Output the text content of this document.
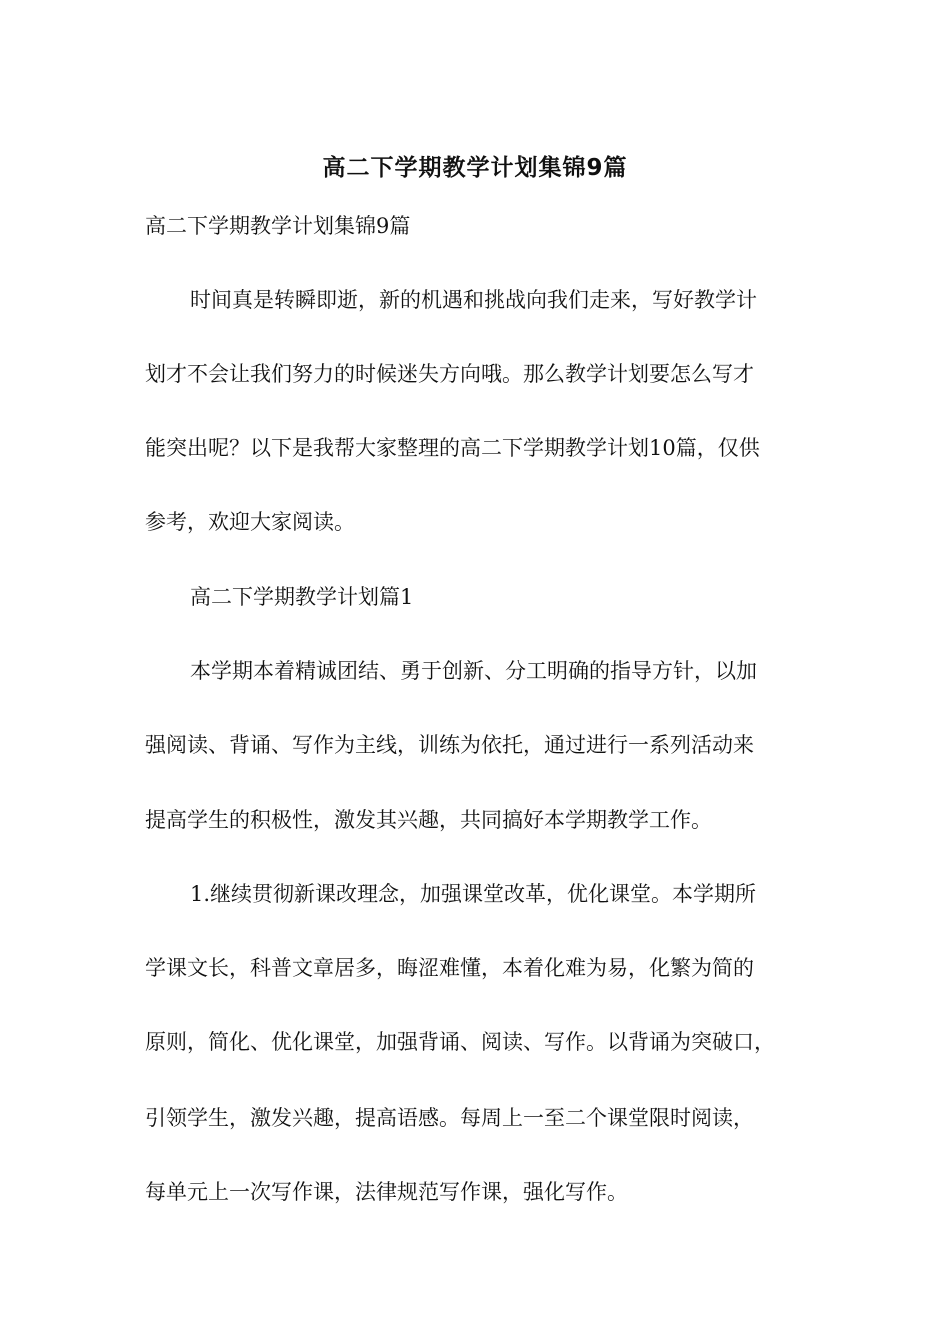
高二下学期教学计划集锦9篇
高二下学期教学计划集锦9篇
时间真是转瞬即逝，新的机遇和挑战向我们走来，写好教学计
划才不会让我们努力的时候迷失方向哦。那么教学计划要怎么写才
能突出呢？以下是我帮大家整理的高二下学期教学计划10篇，仅供
参考，欢迎大家阅读。
高二下学期教学计划篇1
本学期本着精诚团结、勇于创新、分工明确的指导方针，以加
强阅读、背诵、写作为主线，训练为依托，通过进行一系列活动来
提高学生的积极性，激发其兴趣，共同搞好本学期教学工作。
1.继续贯彻新课改理念，加强课堂改革，优化课堂。本学期所
学课文长，科普文章居多，晦涩难懂，本着化难为易，化繁为简的
原则，简化、优化课堂，加强背诵、阅读、写作。以背诵为突破口，
引领学生，激发兴趣，提高语感。每周上一至二个课堂限时阅读，
每单元上一次写作课，法律规范写作课，强化写作。
